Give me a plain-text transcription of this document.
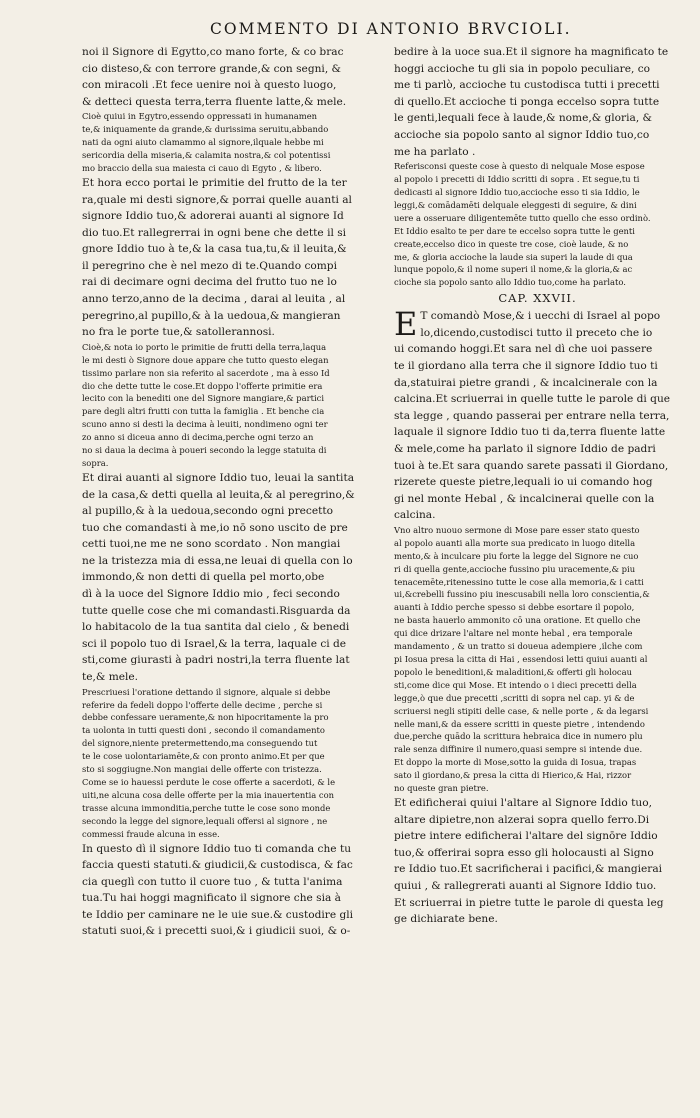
COMMENTO DI ANTONIO BRVCIOLI.

noi il Signore di Egytto,co mano forte, & co brac
cio disteso,& con terrore grande,& con segni, &
con miracoli .Et fece uenire noi à questo luogo,
& detteci questa terra,terra fluente latte,& mele.

Cioè quiui in Egytro,essendo oppressati in humanamen
te,& iniquamente da grande,& durissima seruitu,abbando
nati da ogni aiuto clamammo al signore,ilquale hebbe mi
sericordia della miseria,& calamita nostra,& col potentissi
mo braccio della sua maiesta ci cauo di Egyto , & libero.

Et hora ecco portai le primitie del frutto de la ter
ra,quale mi desti signore,& porrai quelle auanti al
signore Iddio tuo,& adorerai auanti al signore Id
dio tuo.Et rallegrerrai in ogni bene che dette il si
gnore Iddio tuo à te,& la casa tua,tu,& il leuita,&
il peregrino che è nel mezo di te.Quando compi
rai di decimare ogni decima del frutto tuo ne lo
anno terzo,anno de la decima , darai al leuita , al
peregrino,al pupillo,& à la uedoua,& mangieran
no fra le porte tue,& satollerannosi.

Cioè,& nota io porto le primitie de frutti della terra,laqua
le mi desti ò Signore doue appare che tutto questo elegan
tissimo parlare non sia referito al sacerdote , ma à esso Id
dio che dette tutte le cose.Et doppo l'offerte primitie era
lecito con la benediti one del Signore mangiare,& partici
pare degli altri frutti con tutta la famiglia . Et benche cia
scuno anno si desti la decima à leuiti, nondimeno ogni ter
zo anno si diceua anno di decima,perche ogni terzo an
no si daua la decima à poueri secondo la legge statuita di
sopra.

Et dirai auanti al signore Iddio tuo, leuai la santita
de la casa,& detti quella al leuita,& al peregrino,&
al pupillo,& à la uedoua,secondo ogni precetto
tuo che comandasti à me,io nō sono uscito de pre
cetti tuoi,ne me ne sono scordato . Non mangiai
ne la tristezza mia di essa,ne leuai di quella con lo
immondo,& non detti di quella pel morto,obe
dì à la uoce del Signore Iddio mio , feci secondo
tutte quelle cose che mi comandasti.Risguarda da
lo habitacolo de la tua santita dal cielo , & benedi
sci il popolo tuo di Israel,& la terra, laquale ci de
sti,come giurasti à padri nostri,la terra fluente lat
te,& mele.

Prescriuesi l'oratione dettando il signore, alquale si debbe
referire da fedeli doppo l'offerte delle decime , perche si
debbe confessare ueramente,& non hipocritamente la pro
ta uolonta in tutti questi doni , secondo il comandamento
del signore,niente pretermettendo,ma conseguendo tut
te le cose uolontariamēte,& con pronto animo.Et per que
sto si soggiugne.Non mangiai delle offerte con tristezza.
Come se io hauessi perdute le cose offerte a sacerdoti, & le
uiti,ne alcuna cosa delle offerte per la mia inauertentia con
trasse alcuna immonditia,perche tutte le cose sono monde
secondo la legge del signore,lequali offersi al signore , ne
commessi fraude alcuna in esse.

In questo dì il signore Iddio tuo ti comanda che tu
faccia questi statuti.& giudicii,& custodisca, & fac
cia queglì con tutto il cuore tuo , & tutta l'anima
tua.Tu hai hoggi magnificato il signore che sia à
te Iddio per caminare ne le uie sue.& custodire gli
statuti suoi,& i precetti suoi,& i giudicii suoi, & o-

bedire à la uoce sua.Et il signore ha magnificato te
hoggi accioche tu gli sia in popolo peculiare, co
me ti parlò, accioche tu custodisca tutti i precetti
di quello.Et accioche ti ponga eccelso sopra tutte
le genti,lequali fece à laude,& nome,& gloria, &
accioche sia popolo santo al signor Iddio tuo,co
me ha parlato .

Referisconsi queste cose à questo di nelquale Mose espose
al popolo i precetti di Iddio scritti di sopra . Et segue,tu ti
dedicasti al signore Iddio tuo,accioche esso ti sia Iddio, le
leggi,& comādamēti delquale eleggesti di seguire, & dini
uere a osseruare diligentemēte tutto quello che esso ordinò.
Et Iddio esalto te per dare te eccelso sopra tutte le genti
create,eccelso dico in queste tre cose, cioè laude, & no
me, & gloria accioche la laude sia superi la laude di qua
lunque popolo,& il nome superi il nome,& la gloria,& ac
cioche sia popolo santo allo Iddio tuo,come ha parlato.

CAP. XXVII.

E T comandò Mose,& i uecchi di Israel al popo
lo,dicendo,custodisci tutto il preceto che io
ui comando hoggi.Et sara nel dì che uoi passere
te il giordano alla terra che il signore Iddio tuo ti
da,statuirai pietre grandi , & incalcinerale con la
calcina.Et scriuerrai in quelle tutte le parole di que
sta legge , quando passerai per entrare nella terra,
laquale il signore Iddio tuo ti da,terra fluente latte
& mele,come ha parlato il signore Iddio de padri
tuoi à te.Et sara quando sarete passati il Giordano,
rizerete queste pietre,lequali io ui comando hog
gi nel monte Hebal , & incalcinerai quelle con la
calcina.

Vno altro nuouo sermone di Mose pare esser stato questo
al popolo auanti alla morte sua predicato in luogo ditella
mento,& à inculcare piu forte la legge del Signore ne cuo
ri di quella gente,accioche fussino piu uracemente,& piu
tenacemēte,ritenessino tutte le cose alla memoria,& i catti
ui,&crebelli fussino piu inescusabili nella loro conscientia,&
auanti à Iddio perche spesso si debbe esortare il popolo,
ne basta hauerlo ammonito cō una oratione. Et quello che
qui dice drizare l'altare nel monte hebal , era temporale
mandamento , & un tratto si doueua adempiere ,ilche com
pi Iosua presa la citta di Hai , essendosi letti quiui auanti al
popolo le beneditioni,& maladitioni,& offerti gli holocau
sti,come dice qui Mose. Et intendo o i dieci precetti della
legge,ò que due precetti ,scritti di sopra nel cap. yi & de
scriuersi negli stipiti delle case, & nelle porte , & da legarsi
nelle mani,& da essere scritti in queste pietre , intendendo
due,perche quādo la scrittura hebraica dice in numero plu
rale senza diffinire il numero,quasi sempre si intende due.
Et doppo la morte di Mose,sotto la guida di Iosua, trapas
sato il giordano,& presa la citta di Hierico,& Hai, rizzor
no queste gran pietre.

Et edificherai quiui l'altare al Signore Iddio tuo,
altare dipietre,non alzerai sopra quello ferro.Di
pietre intere edificherai l'altare del signōre Iddio
tuo,& offerirai sopra esso gli holocausti al Signo
re Iddio tuo.Et sacrificherai i pacifici,& mangierai
quiui , & rallegrerati auanti al Signore Iddio tuo.
Et scriuerrai in pietre tutte le parole di questa leg
ge dichiarate bene.
